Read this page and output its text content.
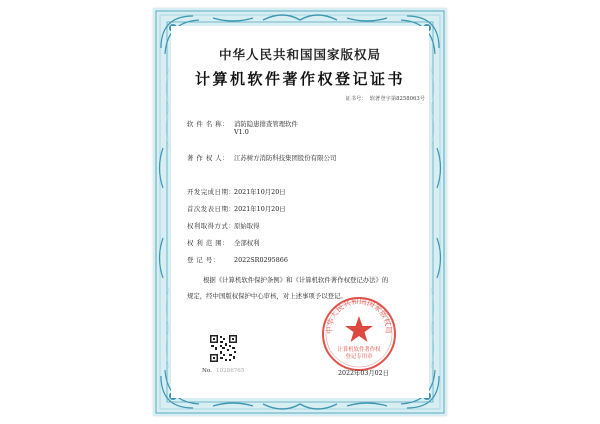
中华人民共和国国家版权局
计算机软件著作权登记证书
证书号： 软著登字第8258063号
软 件 名 称： 消防隐患排查管理软件
V1.0
著 作 权 人： 江苏树方消防科技集团股份有限公司
开发完成日期：2021年10月20日
首次发表日期：2021年10月20日
权利取得方式：原始取得
权 利 范 围： 全部权利
登 记 号： 2022SR0295866
根据《计算机软件保护条例》和《计算机软件著作权登记办法》的
规定，经中国版权保护中心审核，对上述事项予以登记。
No. 10286765
中华人民共和国国家版权局
计算机软件著作权
登记专用章
2022年03月02日
